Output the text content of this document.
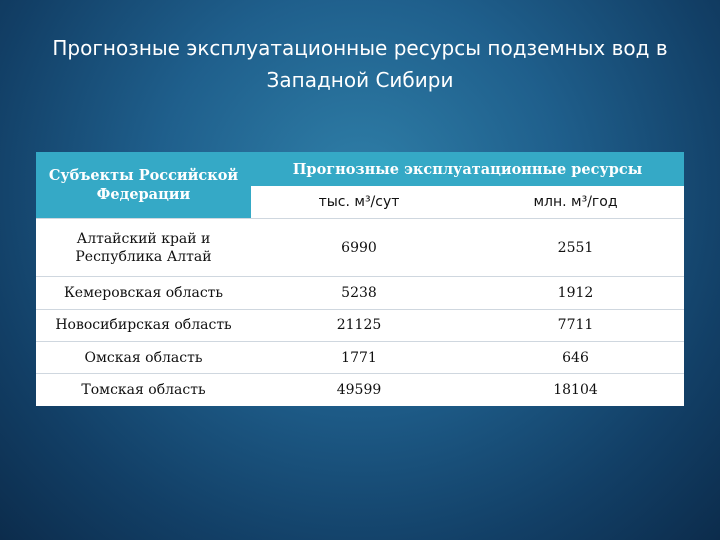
Прогнозные эксплуатационные ресурсы подземных вод в Западной Сибири
Субъекты Российской Федерации	Прогнозные эксплуатационные ресурсы	
	тыс. м³/сут	млн. м³/год
Алтайский край и Республика Алтай	6990	2551
Кемеровская область	5238	1912
Новосибирская область	21125	7711
Омская область	1771	646
Томская область	49599	18104
